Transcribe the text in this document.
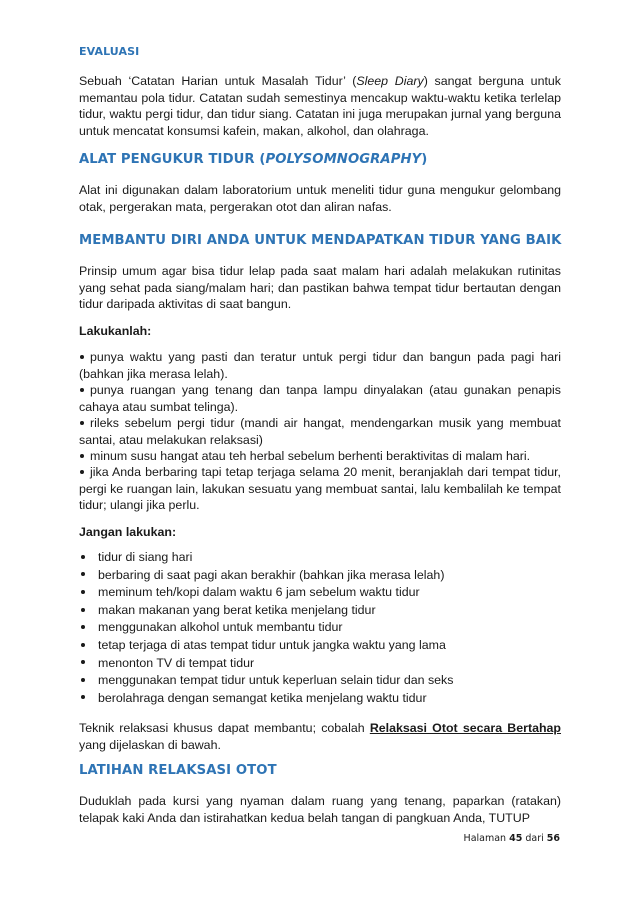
EVALUASI

Sebuah ‘Catatan Harian untuk Masalah Tidur’ (Sleep Diary) sangat berguna untuk memantau pola tidur. Catatan sudah semestinya mencakup waktu-waktu ketika terlelap tidur, waktu pergi tidur, dan tidur siang. Catatan ini juga merupakan jurnal yang berguna untuk mencatat konsumsi kafein, makan, alkohol, dan olahraga.

ALAT PENGUKUR TIDUR (POLYSOMNOGRAPHY)

Alat ini digunakan dalam laboratorium untuk meneliti tidur guna mengukur gelombang otak, pergerakan mata, pergerakan otot dan aliran nafas.

MEMBANTU DIRI ANDA UNTUK MENDAPATKAN TIDUR YANG BAIK

Prinsip umum agar bisa tidur lelap pada saat malam hari adalah melakukan rutinitas yang sehat pada siang/malam hari; dan pastikan bahwa tempat tidur bertautan dengan tidur daripada aktivitas di saat bangun.

Lakukanlah:

punya waktu yang pasti dan teratur untuk pergi tidur dan bangun pada pagi hari (bahkan jika merasa lelah).

punya ruangan yang tenang dan tanpa lampu dinyalakan (atau gunakan penapis cahaya atau sumbat telinga).

rileks sebelum pergi tidur (mandi air hangat, mendengarkan musik yang membuat santai, atau melakukan relaksasi)

minum susu hangat atau teh herbal sebelum berhenti beraktivitas di malam hari.

jika Anda berbaring tapi tetap terjaga selama 20 menit, beranjaklah dari tempat tidur, pergi ke ruangan lain, lakukan sesuatu yang membuat santai, lalu kembalilah ke tempat tidur; ulangi jika perlu.

Jangan lakukan:
tidur di siang hari
berbaring di saat pagi akan berakhir (bahkan jika merasa lelah)
meminum teh/kopi dalam waktu 6 jam sebelum waktu tidur
makan makanan yang berat ketika menjelang tidur
menggunakan alkohol untuk membantu tidur
tetap terjaga di atas tempat tidur untuk jangka waktu yang lama
menonton TV di tempat tidur
menggunakan tempat tidur untuk keperluan selain tidur dan seks
berolahraga dengan semangat ketika menjelang waktu tidur

Teknik relaksasi khusus dapat membantu; cobalah Relaksasi Otot secara Bertahap yang dijelaskan di bawah.

LATIHAN RELAKSASI OTOT

Duduklah pada kursi yang nyaman dalam ruang yang tenang, paparkan (ratakan) telapak kaki Anda dan istirahatkan kedua belah tangan di pangkuan Anda, TUTUP

Halaman 45 dari 56
